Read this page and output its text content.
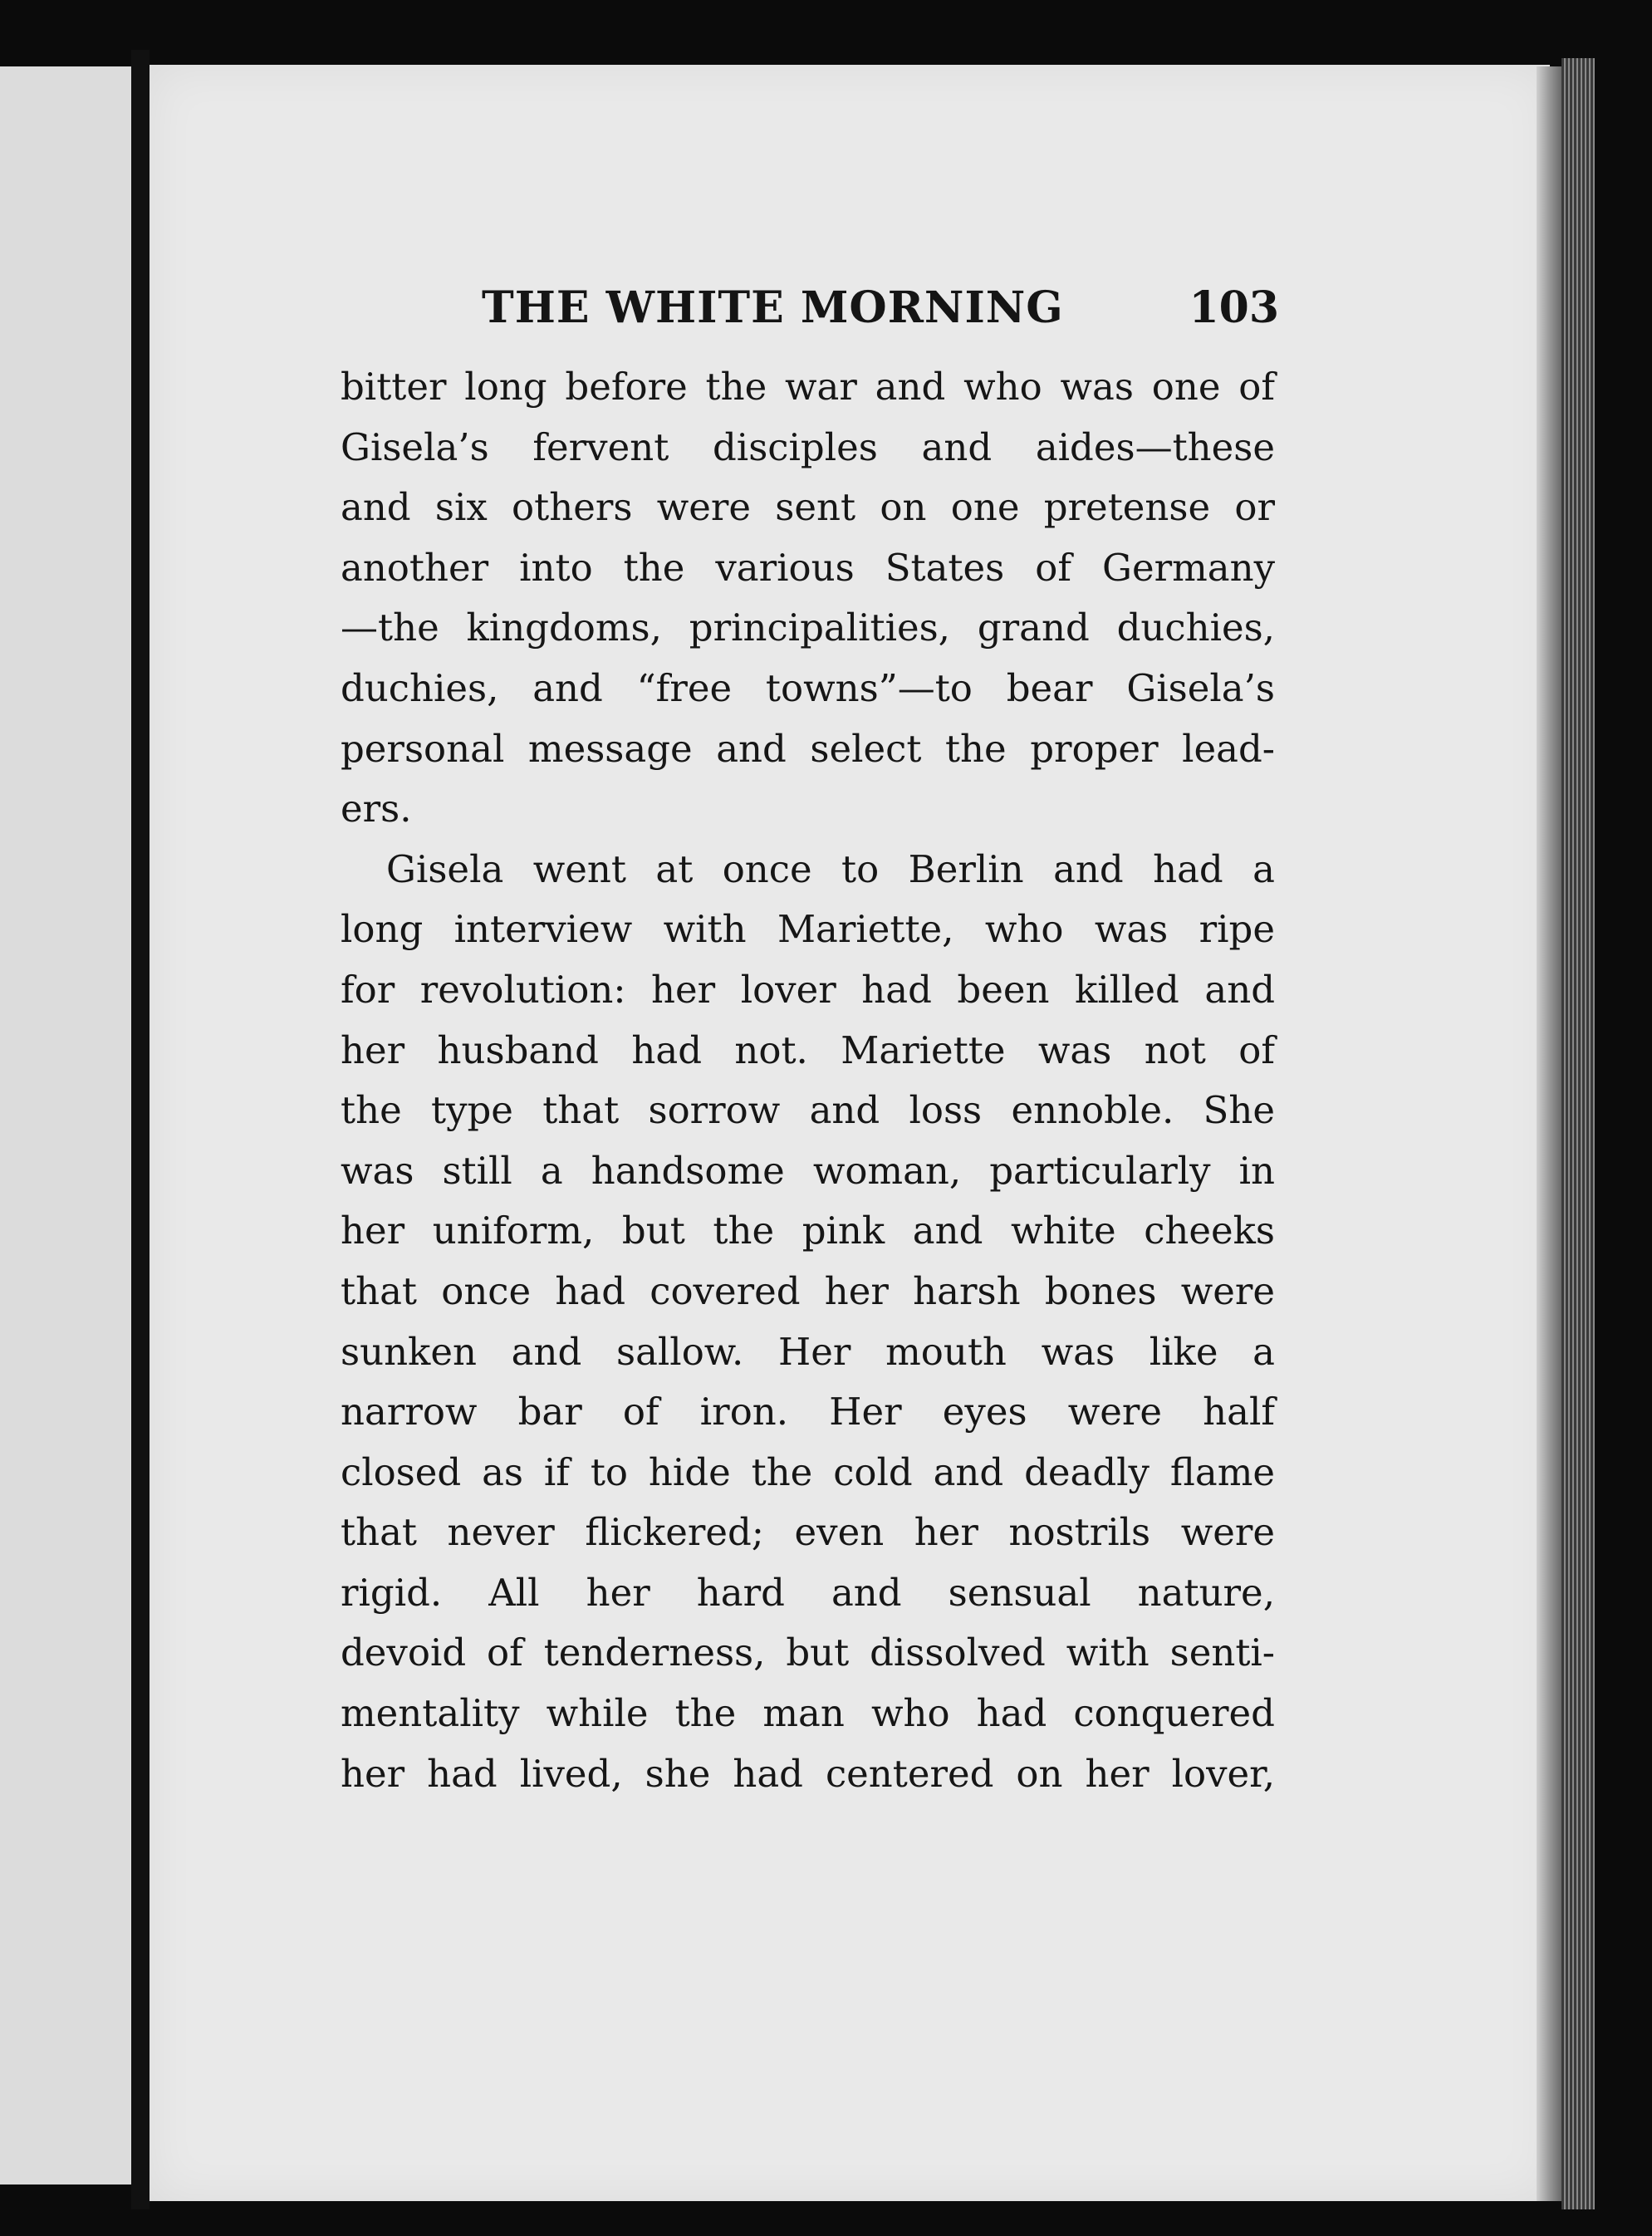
THE WHITE MORNING	103
bitter long before the war and who was one of
Gisela’s fervent disciples and aides—these
and six others were sent on one pretense or
another into the various States of Germany
—the kingdoms, principalities, grand duchies,
duchies, and “free towns”—to bear Gisela’s
personal message and select the proper lead-
ers.
Gisela went at once to Berlin and had a
long interview with Mariette, who was ripe
for revolution: her lover had been killed and
her husband had not. Mariette was not of
the type that sorrow and loss ennoble. She
was still a handsome woman, particularly in
her uniform, but the pink and white cheeks
that once had covered her harsh bones were
sunken and sallow. Her mouth was like a
narrow bar of iron. Her eyes were half
closed as if to hide the cold and deadly flame
that never flickered; even her nostrils were
rigid. All her hard and sensual nature,
devoid of tenderness, but dissolved with senti-
mentality while the man who had conquered
her had lived, she had centered on her lover,
